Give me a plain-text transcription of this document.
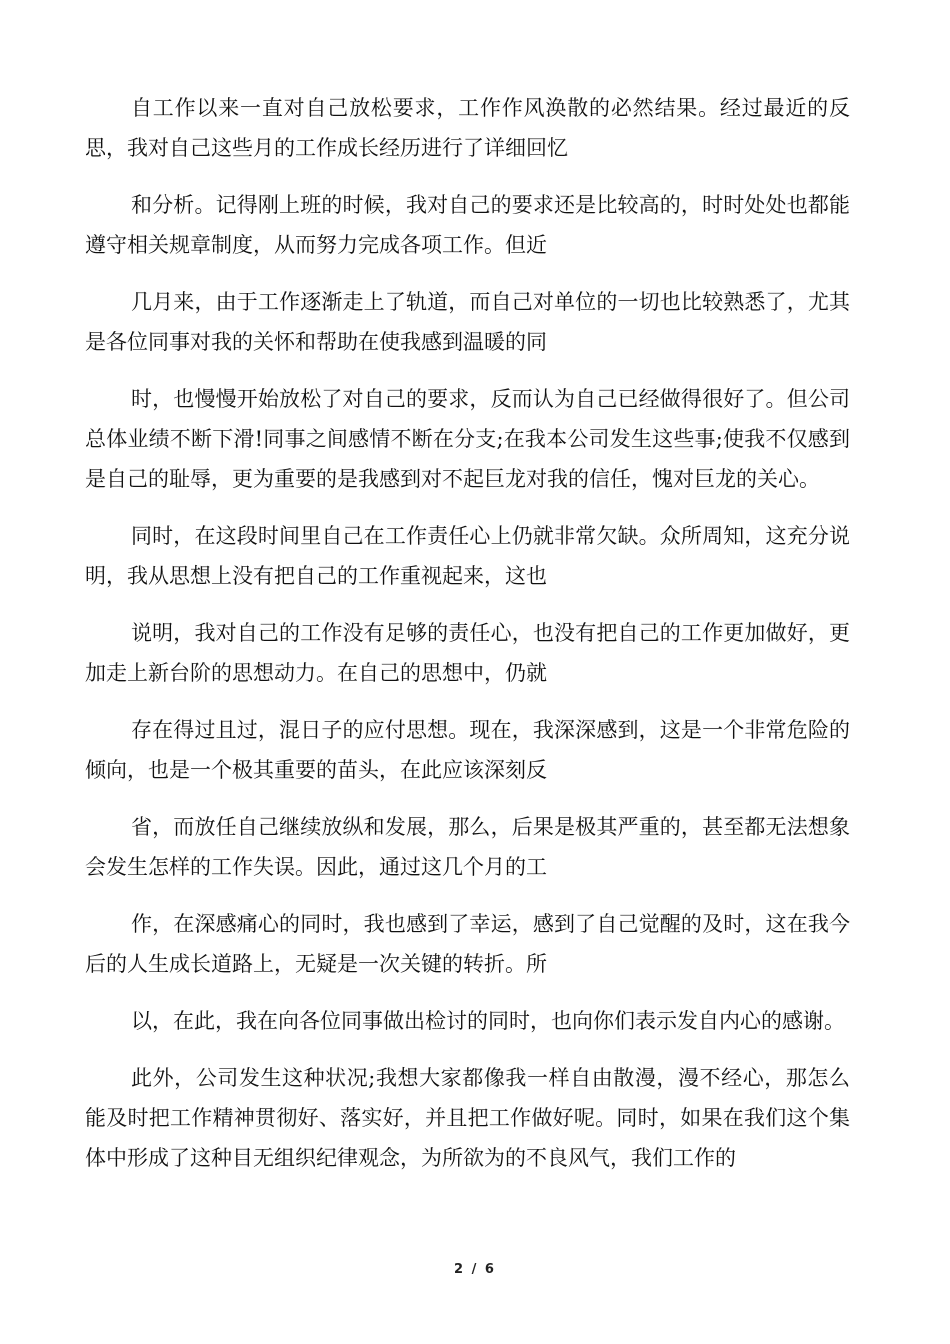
自工作以来一直对自己放松要求，工作作风涣散的必然结果。经过最近的反思，我对自己这些月的工作成长经历进行了详细回忆

和分析。记得刚上班的时候，我对自己的要求还是比较高的，时时处处也都能遵守相关规章制度，从而努力完成各项工作。但近

几月来，由于工作逐渐走上了轨道，而自己对单位的一切也比较熟悉了，尤其是各位同事对我的关怀和帮助在使我感到温暖的同

时，也慢慢开始放松了对自己的要求，反而认为自己已经做得很好了。但公司总体业绩不断下滑!同事之间感情不断在分支;在我本公司发生这些事;使我不仅感到是自己的耻辱，更为重要的是我感到对不起巨龙对我的信任，愧对巨龙的关心。

同时，在这段时间里自己在工作责任心上仍就非常欠缺。众所周知，这充分说明，我从思想上没有把自己的工作重视起来，这也

说明，我对自己的工作没有足够的责任心，也没有把自己的工作更加做好，更加走上新台阶的思想动力。在自己的思想中，仍就

存在得过且过，混日子的应付思想。现在，我深深感到，这是一个非常危险的倾向，也是一个极其重要的苗头，在此应该深刻反

省，而放任自己继续放纵和发展，那么，后果是极其严重的，甚至都无法想象会发生怎样的工作失误。因此，通过这几个月的工

作，在深感痛心的同时，我也感到了幸运，感到了自己觉醒的及时，这在我今后的人生成长道路上，无疑是一次关键的转折。所

以，在此，我在向各位同事做出检讨的同时，也向你们表示发自内心的感谢。

此外，公司发生这种状况;我想大家都像我一样自由散漫，漫不经心，那怎么能及时把工作精神贯彻好、落实好，并且把工作做好呢。同时，如果在我们这个集体中形成了这种目无组织纪律观念，为所欲为的不良风气，我们工作的

2 / 6
